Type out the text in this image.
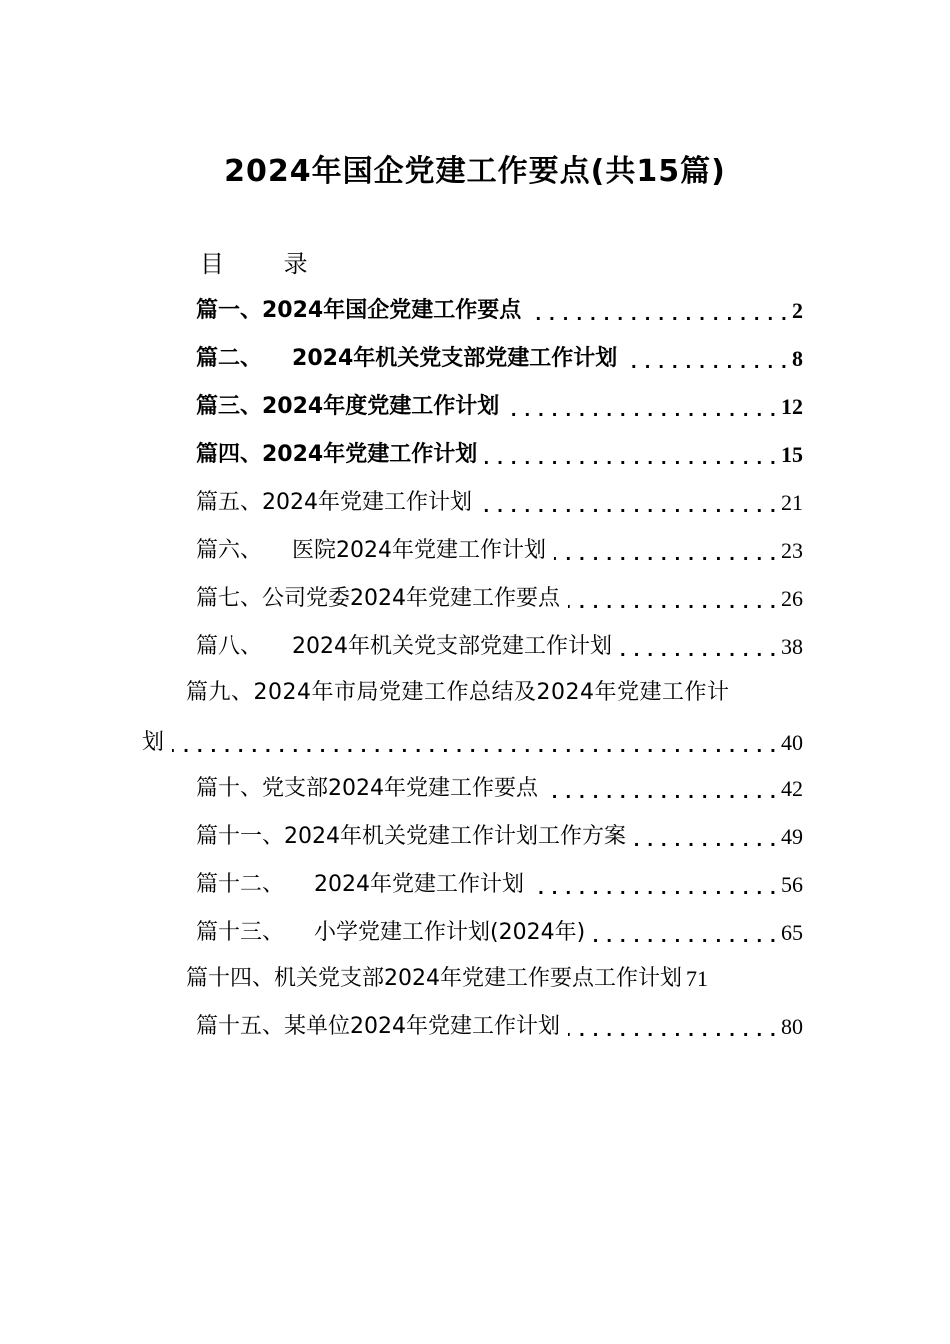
2024年国企党建工作要点(共15篇)
目 录
篇一、2024年国企党建工作要点 . . .	2
篇二、 2024年机关党支部党建工作计划 . . .	8
篇三、2024年度党建工作计划 . . .	12
篇四、2024年党建工作计划 . . .	15
篇五、2024年党建工作计划 . . .	21
篇六、 医院2024年党建工作计划 . . .	23
篇七、公司党委2024年党建工作要点 . . .	26
篇八、 2024年机关党支部党建工作计划 . . .	38
篇九、2024年市局党建工作总结及2024年党建工作计
划 . . .	40
篇十、党支部2024年党建工作要点 . . .	42
篇十一、2024年机关党建工作计划工作方案 . . .	49
篇十二、 2024年党建工作计划 . . .	56
篇十三、 小学党建工作计划(2024年) . . .	65
篇十四、机关党支部2024年党建工作要点工作计划 71
篇十五、某单位2024年党建工作计划 . . .	80
